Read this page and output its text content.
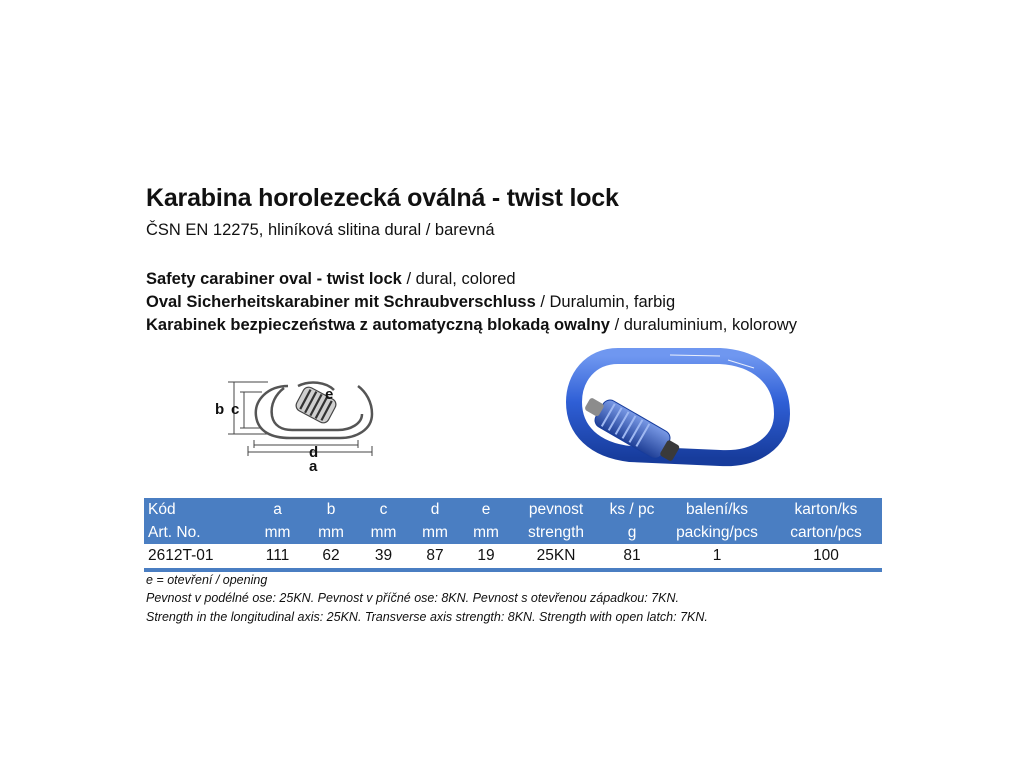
Karabina horolezecká oválná - twist lock
ČSN EN 12275, hliníková slitina dural / barevná
Safety carabiner oval - twist lock / dural, colored
Oval Sicherheitskarabiner mit Schraubverschluss / Duralumin, farbig
Karabinek bezpieczeństwa z automatyczną blokadą owalny / duraluminium, kolorowy
b c
e
d
a
Kód	a	b	c	d	e	pevnost	ks / pc	balení/ks	karton/ks
Art. No.	mm	mm	mm	mm	mm	strength	g	packing/pcs	carton/pcs
2612T-01	111	62	39	87	19	25KN	81	1	100
e = otevření / opening
Pevnost v podélné ose: 25KN. Pevnost v příčné ose: 8KN. Pevnost s otevřenou západkou: 7KN.
Strength in the longitudinal axis: 25KN. Transverse axis strength: 8KN. Strength with open latch: 7KN.
